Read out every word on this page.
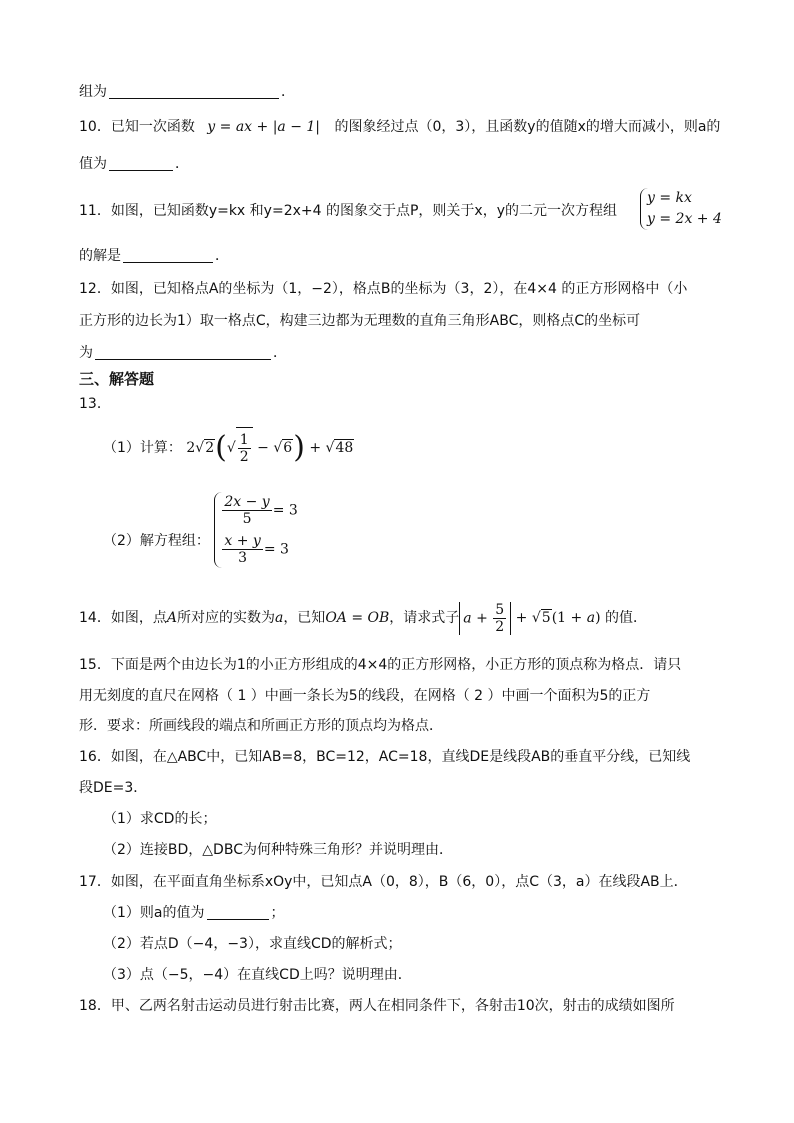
组为	．
10．已知一次函数 y = ax + |a − 1| 的图象经过点（0，3），且函数y的值随x的增大而减小，则a的
值为	．
11．如图，已知函数y=kx 和y=2x+4 的图象交于点P，则关于x，y的二元一次方程组
y = kx
y = 2x + 4
的解是	．
12．如图，已知格点A的坐标为（1，−2），格点B的坐标为（3，2），在4×4 的正方形网格中（小
正方形的边长为1）取一格点C，构建三边都为无理数的直角三角形ABC，则格点C的坐标可
为	．
三、解答题
13．
（1）计算： $2√2(√ \frac{1}{2} - √6) + √48$
（2）解方程组：
$\frac{2x - y}{5} = 3$
$\frac{x + y}{3} = 3$
14．如图，点A所对应的实数为a，已知OA = OB，请求式子 $a + \frac{5}{2} + √5(1 + a)$ 的值．
15．下面是两个由边长为1的小正方形组成的4×4的正方形网格，小正方形的顶点称为格点．请只
用无刻度的直尺在网格（ 1 ）中画一条长为5的线段，在网格（ 2 ）中画一个面积为5的正方
形．要求：所画线段的端点和所画正方形的顶点均为格点．
16．如图，在△ABC中，已知AB=8，BC=12，AC=18，直线DE是线段AB的垂直平分线，已知线
段DE=3．
（1）求CD的长；
（2）连接BD，△DBC为何种特殊三角形？并说明理由．
17．如图，在平面直角坐标系xOy中，已知点A（0，8），B（6，0），点C（3，a）在线段AB上．
（1）则a的值为	；
（2）若点D（−4，−3），求直线CD的解析式；
（3）点（−5，−4）在直线CD上吗？说明理由．
18．甲、乙两名射击运动员进行射击比赛，两人在相同条件下，各射击10次，射击的成绩如图所
